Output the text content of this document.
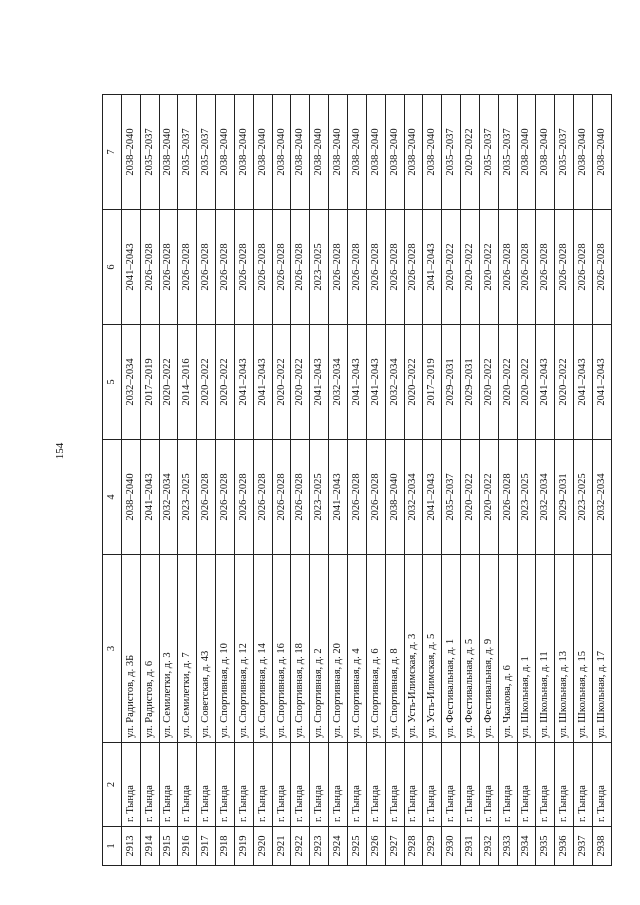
154
1	2	3	4	5	6	7
2913	г. Тында	ул. Радистов, д. 3Б	2038–2040	2032–2034	2041–2043	2038–2040
2914	г. Тында	ул. Радистов, д. 6	2041–2043	2017–2019	2026–2028	2035–2037
2915	г. Тында	ул. Семилетки, д. 3	2032–2034	2020–2022	2026–2028	2038–2040
2916	г. Тында	ул. Семилетки, д. 7	2023–2025	2014–2016	2026–2028	2035–2037
2917	г. Тында	ул. Советская, д. 43	2026–2028	2020–2022	2026–2028	2035–2037
2918	г. Тында	ул. Спортивная, д. 10	2026–2028	2020–2022	2026–2028	2038–2040
2919	г. Тында	ул. Спортивная, д. 12	2026–2028	2041–2043	2026–2028	2038–2040
2920	г. Тында	ул. Спортивная, д. 14	2026–2028	2041–2043	2026–2028	2038–2040
2921	г. Тында	ул. Спортивная, д. 16	2026–2028	2020–2022	2026–2028	2038–2040
2922	г. Тында	ул. Спортивная, д. 18	2026–2028	2020–2022	2026–2028	2038–2040
2923	г. Тында	ул. Спортивная, д. 2	2023–2025	2041–2043	2023–2025	2038–2040
2924	г. Тында	ул. Спортивная, д. 20	2041–2043	2032–2034	2026–2028	2038–2040
2925	г. Тында	ул. Спортивная, д. 4	2026–2028	2041–2043	2026–2028	2038–2040
2926	г. Тында	ул. Спортивная, д. 6	2026–2028	2041–2043	2026–2028	2038–2040
2927	г. Тында	ул. Спортивная, д. 8	2038–2040	2032–2034	2026–2028	2038–2040
2928	г. Тында	ул. Усть-Илимская, д. 3	2032–2034	2020–2022	2026–2028	2038–2040
2929	г. Тында	ул. Усть-Илимская, д. 5	2041–2043	2017–2019	2041–2043	2038–2040
2930	г. Тында	ул. Фестивальная, д. 1	2035–2037	2029–2031	2020–2022	2035–2037
2931	г. Тында	ул. Фестивальная, д. 5	2020–2022	2029–2031	2020–2022	2020–2022
2932	г. Тында	ул. Фестивальная, д. 9	2020–2022	2020–2022	2020–2022	2035–2037
2933	г. Тында	ул. Чкалова, д. 6	2026–2028	2020–2022	2026–2028	2035–2037
2934	г. Тында	ул. Школьная, д. 1	2023–2025	2020–2022	2026–2028	2038–2040
2935	г. Тында	ул. Школьная, д. 11	2032–2034	2041–2043	2026–2028	2038–2040
2936	г. Тында	ул. Школьная, д. 13	2029–2031	2020–2022	2026–2028	2035–2037
2937	г. Тында	ул. Школьная, д. 15	2023–2025	2041–2043	2026–2028	2038–2040
2938	г. Тында	ул. Школьная, д. 17	2032–2034	2041–2043	2026–2028	2038–2040
